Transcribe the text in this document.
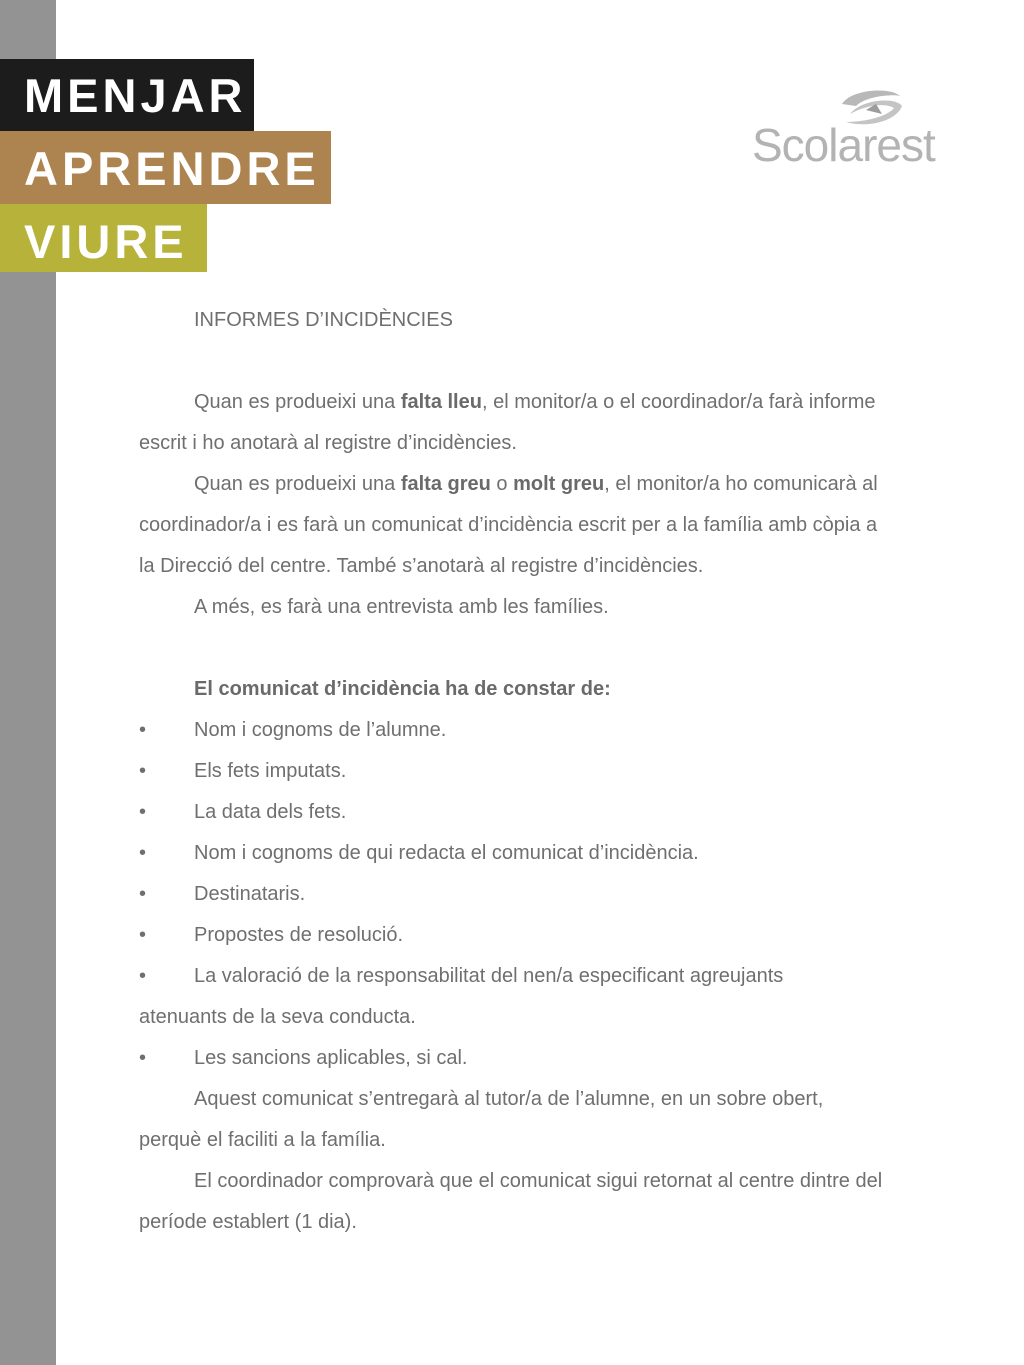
MENJAR
APRENDRE
VIURE
Scolarest
INFORMES D’INCIDÈNCIES
Quan es produeixi una falta lleu, el monitor/a o el coordinador/a farà informe
escrit i ho anotarà al registre d’incidències.
Quan es produeixi una falta greu o molt greu, el monitor/a ho comunicarà al
coordinador/a i es farà un comunicat d’incidència escrit per a la família amb còpia a
la Direcció del centre. També s’anotarà al registre d’incidències.
A més, es farà una entrevista amb les famílies.
El comunicat d’incidència ha de constar de:
• Nom i cognoms de l’alumne.
• Els fets imputats.
• La data dels fets.
• Nom i cognoms de qui redacta el comunicat d’incidència.
• Destinataris.
• Propostes de resolució.
• La valoració de la responsabilitat del nen/a especificant agreujants
atenuants de la seva conducta.
• Les sancions aplicables, si cal.
Aquest comunicat s’entregarà al tutor/a de l’alumne, en un sobre obert,
perquè el faciliti a la família.
El coordinador comprovarà que el comunicat sigui retornat al centre dintre del
període establert (1 dia).
